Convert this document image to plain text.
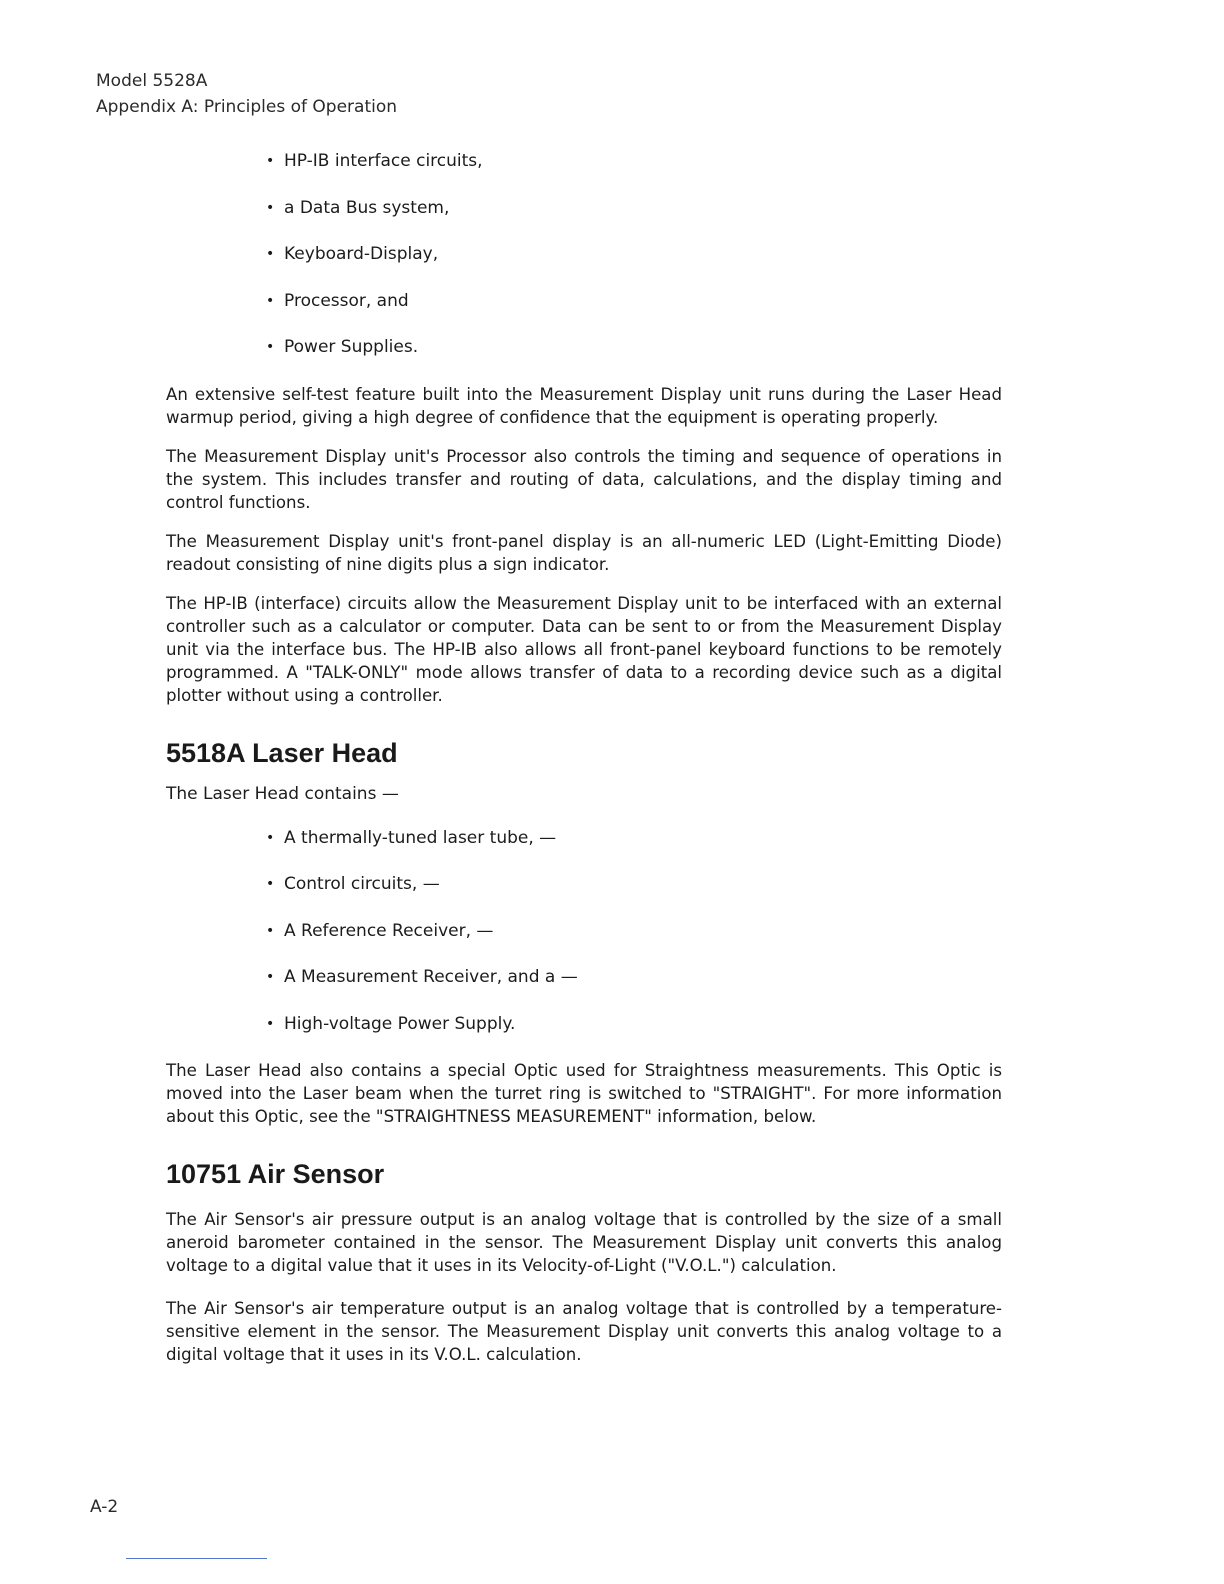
Model 5528A
Appendix A: Principles of Operation
• HP-IB interface circuits,
• a Data Bus system,
• Keyboard-Display,
• Processor, and
• Power Supplies.

An extensive self-test feature built into the Measurement Display unit runs during the Laser Head warmup period, giving a high degree of confidence that the equipment is operating properly.

The Measurement Display unit's Processor also controls the timing and sequence of operations in the system. This includes transfer and routing of data, calculations, and the display timing and control functions.

The Measurement Display unit's front-panel display is an all-numeric LED (Light-Emitting Diode) readout consisting of nine digits plus a sign indicator.

The HP-IB (interface) circuits allow the Measurement Display unit to be interfaced with an external controller such as a calculator or computer. Data can be sent to or from the Measurement Display unit via the interface bus. The HP-IB also allows all front-panel keyboard functions to be remotely programmed. A "TALK-ONLY" mode allows transfer of data to a recording device such as a digital plotter without using a controller.

5518A Laser Head
The Laser Head contains —
• A thermally-tuned laser tube, —
• Control circuits, —
• A Reference Receiver, —
• A Measurement Receiver, and a —
• High-voltage Power Supply.

The Laser Head also contains a special Optic used for Straightness measurements. This Optic is moved into the Laser beam when the turret ring is switched to "STRAIGHT". For more information about this Optic, see the "STRAIGHTNESS MEASUREMENT" information, below.

10751 Air Sensor

The Air Sensor's air pressure output is an analog voltage that is controlled by the size of a small aneroid barometer contained in the sensor. The Measurement Display unit converts this analog voltage to a digital value that it uses in its Velocity-of-Light ("V.O.L.") calculation.

The Air Sensor's air temperature output is an analog voltage that is controlled by a temperature-sensitive element in the sensor. The Measurement Display unit converts this analog voltage to a digital voltage that it uses in its V.O.L. calculation.

A-2
